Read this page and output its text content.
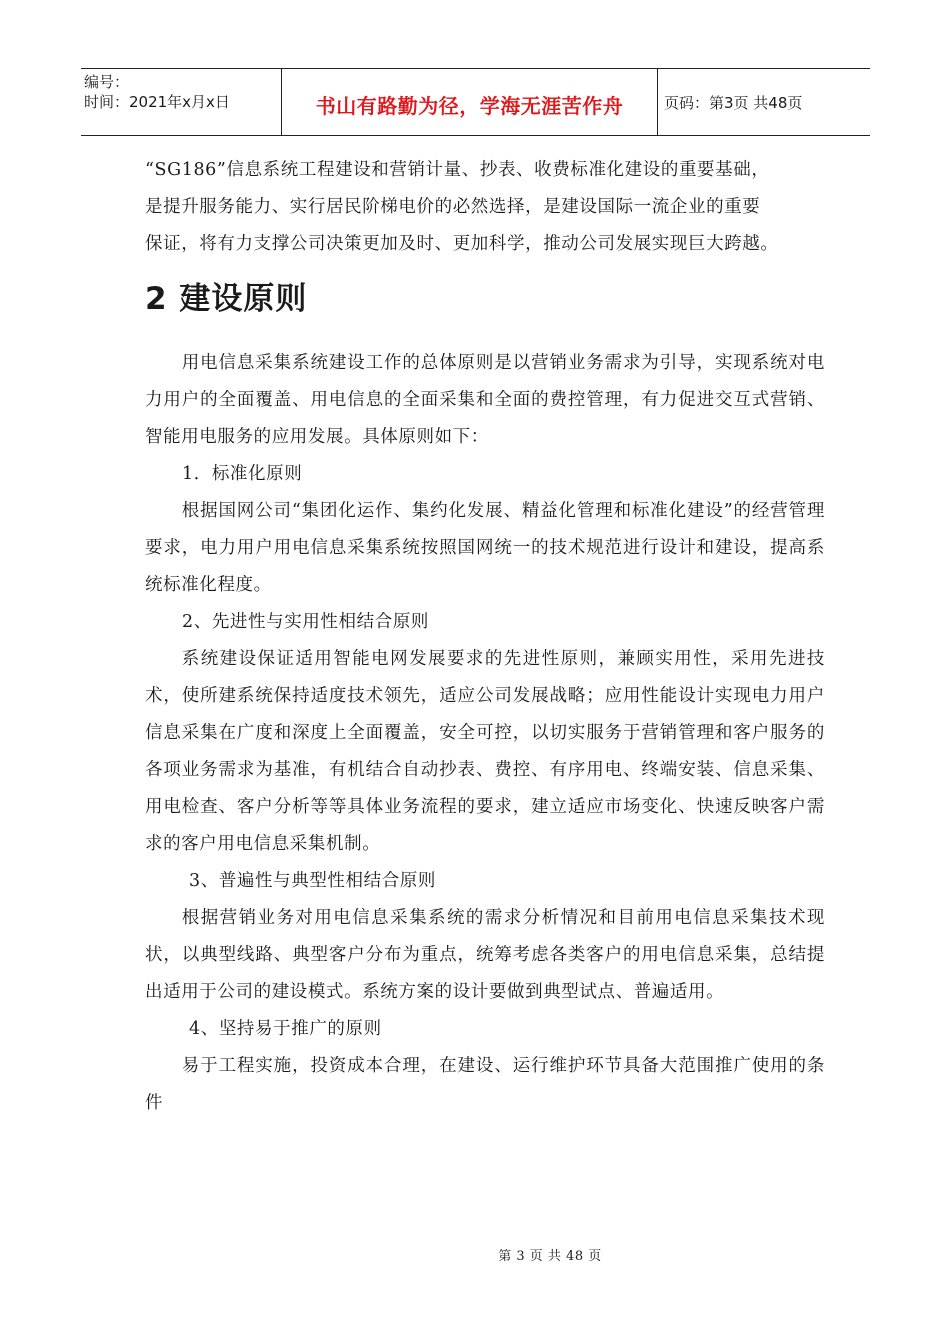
编号：
时间：2021年x月x日	书山有路勤为径，学海无涯苦作舟	页码：第3页 共48页

“SG186”信息系统工程建设和营销计量、抄表、收费标准化建设的重要基础，

是提升服务能力、实行居民阶梯电价的必然选择，是建设国际一流企业的重要

保证，将有力支撑公司决策更加及时、更加科学，推动公司发展实现巨大跨越。

2 建设原则

用电信息采集系统建设工作的总体原则是以营销业务需求为引导，实现系统对电力用户的全面覆盖、用电信息的全面采集和全面的费控管理，有力促进交互式营销、智能用电服务的应用发展。具体原则如下：

1．标准化原则

根据国网公司“集团化运作、集约化发展、精益化管理和标准化建设”的经营管理要求，电力用户用电信息采集系统按照国网统一的技术规范进行设计和建设，提高系统标准化程度。

2、先进性与实用性相结合原则

系统建设保证适用智能电网发展要求的先进性原则，兼顾实用性，采用先进技术，使所建系统保持适度技术领先，适应公司发展战略；应用性能设计实现电力用户信息采集在广度和深度上全面覆盖，安全可控，以切实服务于营销管理和客户服务的各项业务需求为基准，有机结合自动抄表、费控、有序用电、终端安装、信息采集、用电检查、客户分析等等具体业务流程的要求，建立适应市场变化、快速反映客户需求的客户用电信息采集机制。

3、普遍性与典型性相结合原则

根据营销业务对用电信息采集系统的需求分析情况和目前用电信息采集技术现状，以典型线路、典型客户分布为重点，统筹考虑各类客户的用电信息采集，总结提出适用于公司的建设模式。系统方案的设计要做到典型试点、普遍适用。

4、坚持易于推广的原则

易于工程实施，投资成本合理，在建设、运行维护环节具备大范围推广使用的条件

第 3 页 共 48 页
